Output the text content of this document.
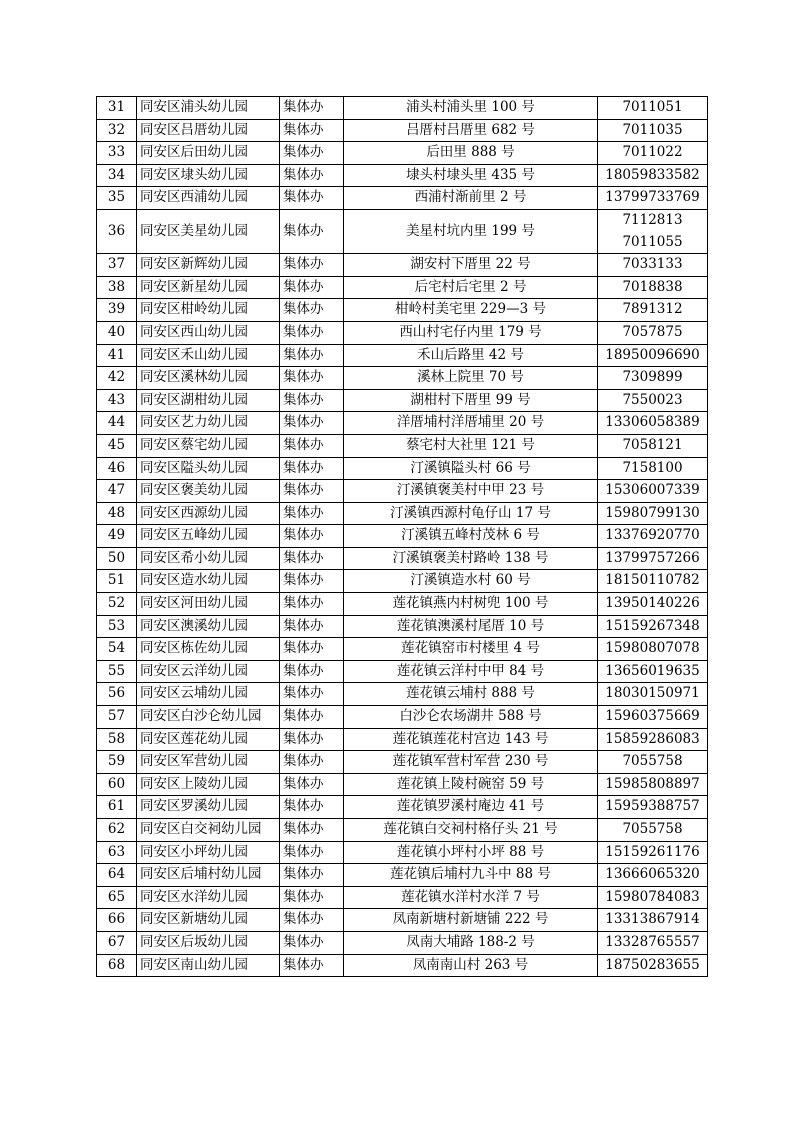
31	同安区浦头幼儿园	集体办	浦头村浦头里 100 号	7011051

32	同安区吕厝幼儿园	集体办	吕厝村吕厝里 682 号	7011035

33	同安区后田幼儿园	集体办	后田里 888 号	7011022

34	同安区埭头幼儿园	集体办	埭头村埭头里 435 号	18059833582

35	同安区西浦幼儿园	集体办	西浦村渐前里 2 号	13799733769

36	同安区美星幼儿园	集体办	美星村坑内里 199 号	7112813
7011055

37	同安区新辉幼儿园	集体办	湖安村下厝里 22 号	7033133

38	同安区新星幼儿园	集体办	后宅村后宅里 2 号	7018838

39	同安区柑岭幼儿园	集体办	柑岭村美宅里 229—3 号	7891312

40	同安区西山幼儿园	集体办	西山村宅仔内里 179 号	7057875

41	同安区禾山幼儿园	集体办	禾山后路里 42 号	18950096690

42	同安区溪林幼儿园	集体办	溪林上院里 70 号	7309899

43	同安区湖柑幼儿园	集体办	湖柑村下厝里 99 号	7550023

44	同安区艺力幼儿园	集体办	洋厝埔村洋厝埔里 20 号	13306058389

45	同安区蔡宅幼儿园	集体办	蔡宅村大社里 121 号	7058121

46	同安区隘头幼儿园	集体办	汀溪镇隘头村 66 号	7158100

47	同安区褒美幼儿园	集体办	汀溪镇褒美村中甲 23 号	15306007339

48	同安区西源幼儿园	集体办	汀溪镇西源村龟仔山 17 号	15980799130

49	同安区五峰幼儿园	集体办	汀溪镇五峰村茂林 6 号	13376920770

50	同安区希小幼儿园	集体办	汀溪镇褒美村路岭 138 号	13799757266

51	同安区造水幼儿园	集体办	汀溪镇造水村 60 号	18150110782

52	同安区河田幼儿园	集体办	莲花镇燕内村树兜 100 号	13950140226

53	同安区澳溪幼儿园	集体办	莲花镇澳溪村尾厝 10 号	15159267348

54	同安区栋佐幼儿园	集体办	莲花镇窑市村楼里 4 号	15980807078

55	同安区云洋幼儿园	集体办	莲花镇云洋村中甲 84 号	13656019635

56	同安区云埔幼儿园	集体办	莲花镇云埔村 888 号	18030150971

57	同安区白沙仑幼儿园	集体办	白沙仑农场湖井 588 号	15960375669

58	同安区莲花幼儿园	集体办	莲花镇莲花村宫边 143 号	15859286083

59	同安区军营幼儿园	集体办	莲花镇军营村军营 230 号	7055758

60	同安区上陵幼儿园	集体办	莲花镇上陵村碗窑 59 号	15985808897

61	同安区罗溪幼儿园	集体办	莲花镇罗溪村庵边 41 号	15959388757

62	同安区白交祠幼儿园	集体办	莲花镇白交祠村格仔头 21 号	7055758

63	同安区小坪幼儿园	集体办	莲花镇小坪村小坪 88 号	15159261176

64	同安区后埔村幼儿园	集体办	莲花镇后埔村九斗中 88 号	13666065320

65	同安区水洋幼儿园	集体办	莲花镇水洋村水洋 7 号	15980784083

66	同安区新塘幼儿园	集体办	凤南新塘村新塘铺 222 号	13313867914

67	同安区后坂幼儿园	集体办	凤南大埔路 188-2 号	13328765557

68	同安区南山幼儿园	集体办	凤南南山村 263 号	18750283655
